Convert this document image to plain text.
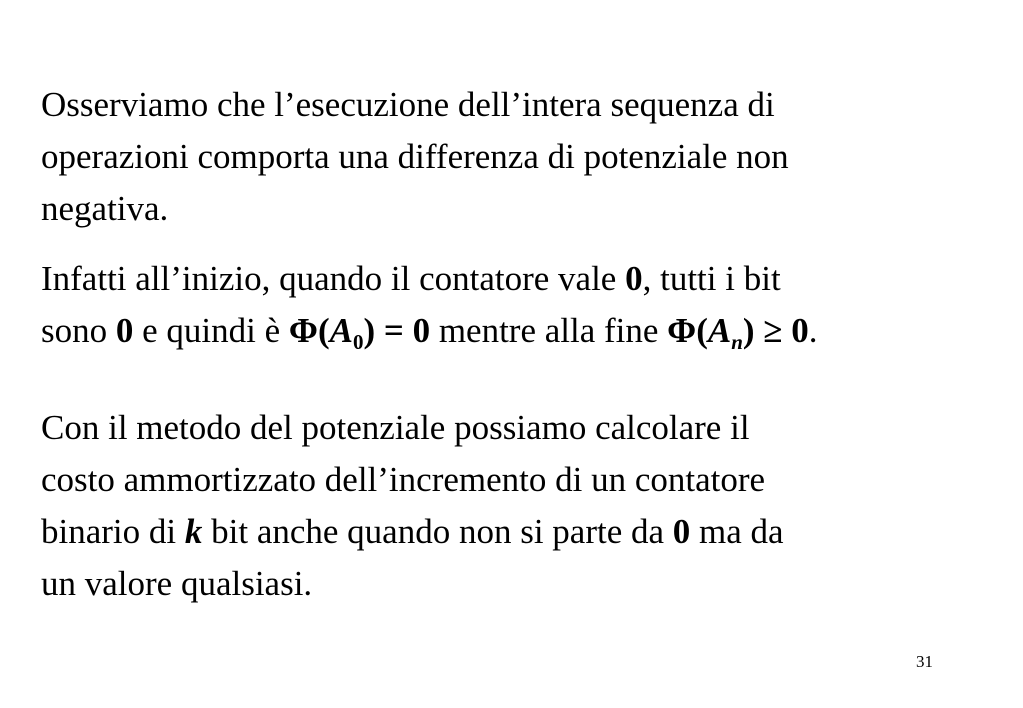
Osserviamo che l’esecuzione dell’intera sequenza di
operazioni comporta una differenza di potenziale non
negativa.

Infatti all’inizio, quando il contatore vale 0, tutti i bit
sono 0 e quindi è $\Phi(A_0) = 0$ mentre alla fine $\Phi(A_n) \ge 0$.

Con il metodo del potenziale possiamo calcolare il
costo ammortizzato dell’incremento di un contatore
binario di k bit anche quando non si parte da 0 ma da
un valore qualsiasi.

31
